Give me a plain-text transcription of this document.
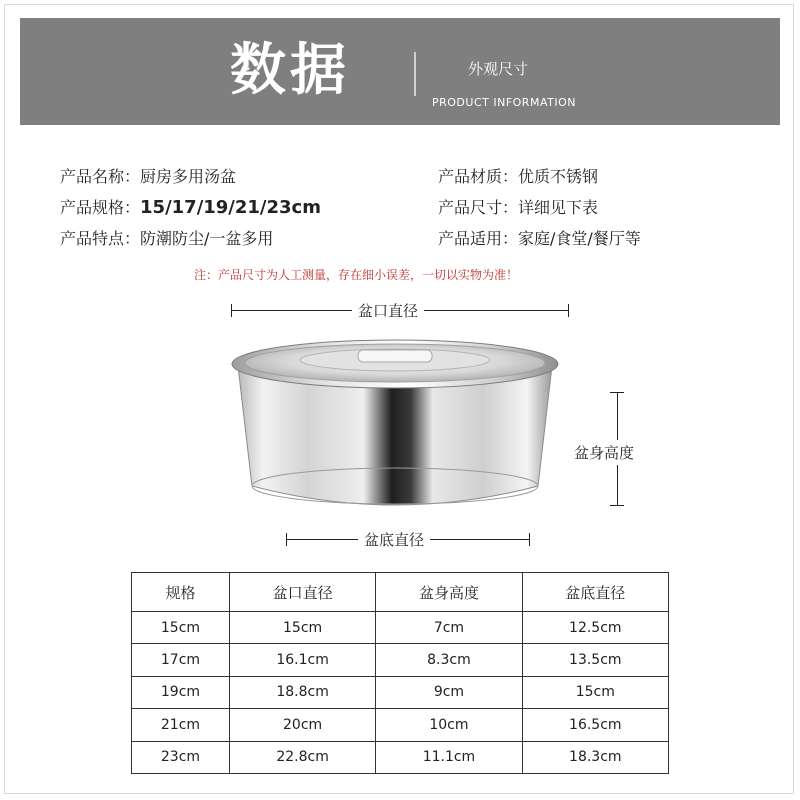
数据	外观尺寸
PRODUCT INFORMATION
产品名称：厨房多用汤盆	产品材质：优质不锈钢
产品规格：15/17/19/21/23cm	产品尺寸：详细见下表
产品特点：防潮防尘/一盆多用	产品适用：家庭/食堂/餐厅等
注：产品尺寸为人工测量，存在细小误差，一切以实物为准！
盆口直径
盆身高度
盆底直径
规格	盆口直径	盆身高度	盆底直径
15cm	15cm	7cm	12.5cm
17cm	16.1cm	8.3cm	13.5cm
19cm	18.8cm	9cm	15cm
21cm	20cm	10cm	16.5cm
23cm	22.8cm	11.1cm	18.3cm
